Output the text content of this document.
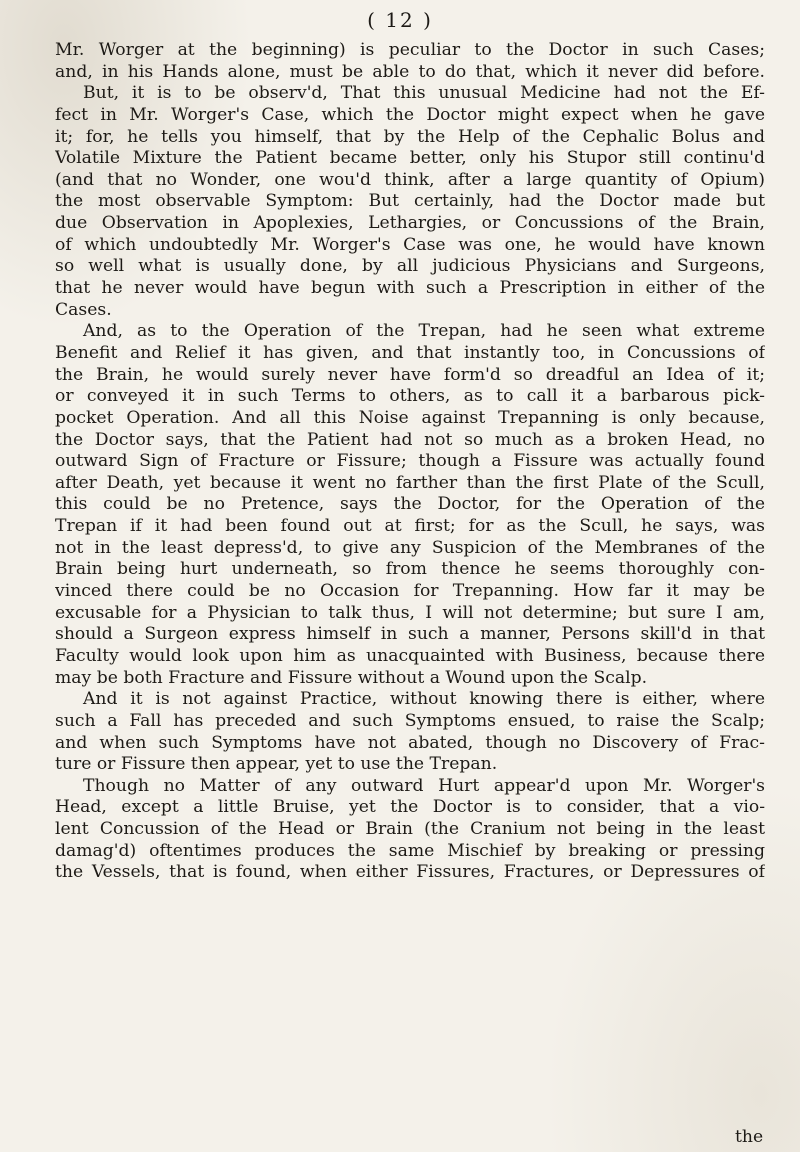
( 12 )
Mr. Worger at the beginning) is peculiar to the Doctor in such Cases;
and, in his Hands alone, must be able to do that, which it never did before.
But, it is to be observ'd, That this unusual Medicine had not the Ef-
fect in Mr. Worger's Case, which the Doctor might expect when he gave
it; for, he tells you himself, that by the Help of the Cephalic Bolus and
Volatile Mixture the Patient became better, only his Stupor still continu'd
(and that no Wonder, one wou'd think, after a large quantity of Opium)
the most observable Symptom: But certainly, had the Doctor made but
due Observation in Apoplexies, Lethargies, or Concussions of the Brain,
of which undoubtedly Mr. Worger's Case was one, he would have known
so well what is usually done, by all judicious Physicians and Surgeons,
that he never would have begun with such a Prescription in either of the
Cases.
And, as to the Operation of the Trepan, had he seen what extreme
Benefit and Relief it has given, and that instantly too, in Concussions of
the Brain, he would surely never have form'd so dreadful an Idea of it;
or conveyed it in such Terms to others, as to call it a barbarous pick-
pocket Operation. And all this Noise against Trepanning is only because,
the Doctor says, that the Patient had not so much as a broken Head, no
outward Sign of Fracture or Fissure; though a Fissure was actually found
after Death, yet because it went no farther than the first Plate of the Scull,
this could be no Pretence, says the Doctor, for the Operation of the
Trepan if it had been found out at first; for as the Scull, he says, was
not in the least depress'd, to give any Suspicion of the Membranes of the
Brain being hurt underneath, so from thence he seems thoroughly con-
vinced there could be no Occasion for Trepanning. How far it may be
excusable for a Physician to talk thus, I will not determine; but sure I am,
should a Surgeon express himself in such a manner, Persons skill'd in that
Faculty would look upon him as unacquainted with Business, because there
may be both Fracture and Fissure without a Wound upon the Scalp.
And it is not against Practice, without knowing there is either, where
such a Fall has preceded and such Symptoms ensued, to raise the Scalp;
and when such Symptoms have not abated, though no Discovery of Frac-
ture or Fissure then appear, yet to use the Trepan.
Though no Matter of any outward Hurt appear'd upon Mr. Worger's
Head, except a little Bruise, yet the Doctor is to consider, that a vio-
lent Concussion of the Head or Brain (the Cranium not being in the least
damag'd) oftentimes produces the same Mischief by breaking or pressing
the Vessels, that is found, when either Fissures, Fractures, or Depressures of
the
